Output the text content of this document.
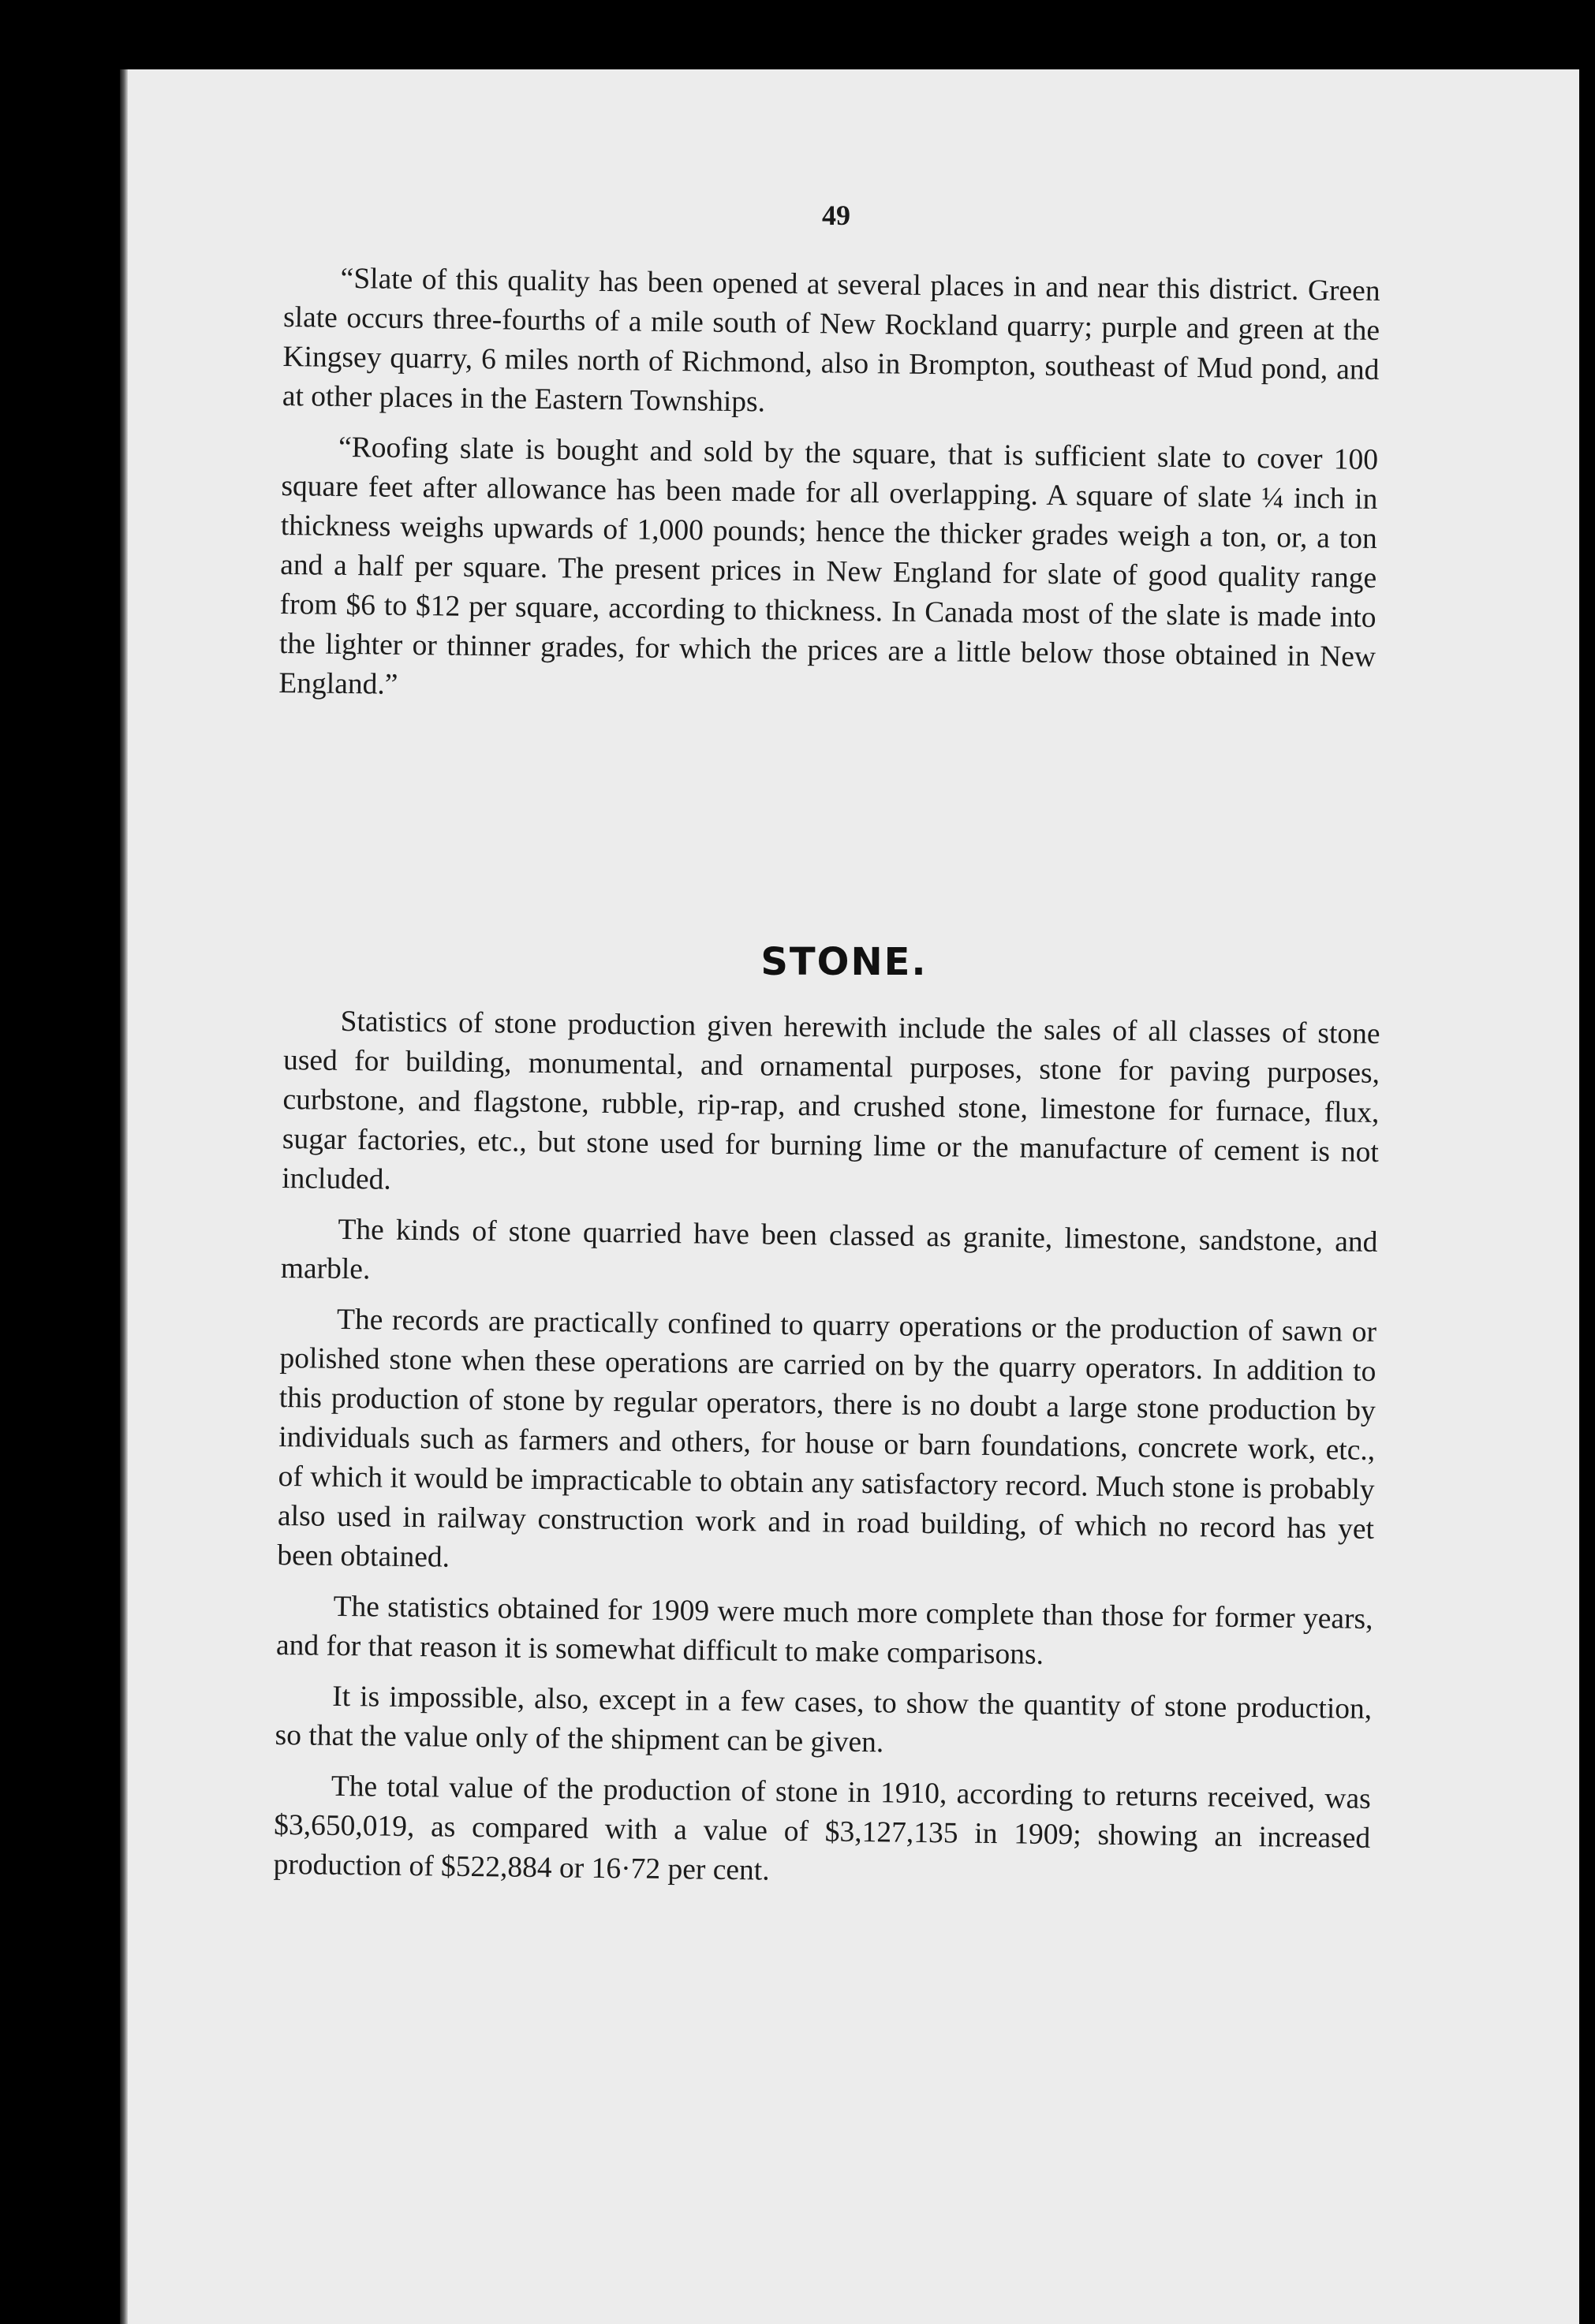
49

“Slate of this quality has been opened at several places in and near this district. Green slate occurs three-fourths of a mile south of New Rockland quarry; purple and green at the Kingsey quarry, 6 miles north of Richmond, also in Brompton, southeast of Mud pond, and at other places in the Eastern Townships.

“Roofing slate is bought and sold by the square, that is sufficient slate to cover 100 square feet after allowance has been made for all overlapping. A square of slate ¼ inch in thickness weighs upwards of 1,000 pounds; hence the thicker grades weigh a ton, or, a ton and a half per square. The present prices in New England for slate of good quality range from $6 to $12 per square, according to thickness. In Canada most of the slate is made into the lighter or thinner grades, for which the prices are a little below those obtained in New England.”

STONE.

Statistics of stone production given herewith include the sales of all classes of stone used for building, monumental, and ornamental purposes, stone for paving purposes, curbstone, and flagstone, rubble, rip-rap, and crushed stone, limestone for furnace, flux, sugar factories, etc., but stone used for burning lime or the manufacture of cement is not included.

The kinds of stone quarried have been classed as granite, limestone, sandstone, and marble.

The records are practically confined to quarry operations or the production of sawn or polished stone when these operations are carried on by the quarry operators. In addition to this production of stone by regular operators, there is no doubt a large stone production by individuals such as farmers and others, for house or barn foundations, concrete work, etc., of which it would be impracticable to obtain any satisfactory record. Much stone is probably also used in railway construction work and in road building, of which no record has yet been obtained.

The statistics obtained for 1909 were much more complete than those for former years, and for that reason it is somewhat difficult to make comparisons.

It is impossible, also, except in a few cases, to show the quantity of stone production, so that the value only of the shipment can be given.

The total value of the production of stone in 1910, according to returns received, was $3,650,019, as compared with a value of $3,127,135 in 1909; showing an increased production of $522,884 or 16·72 per cent.
